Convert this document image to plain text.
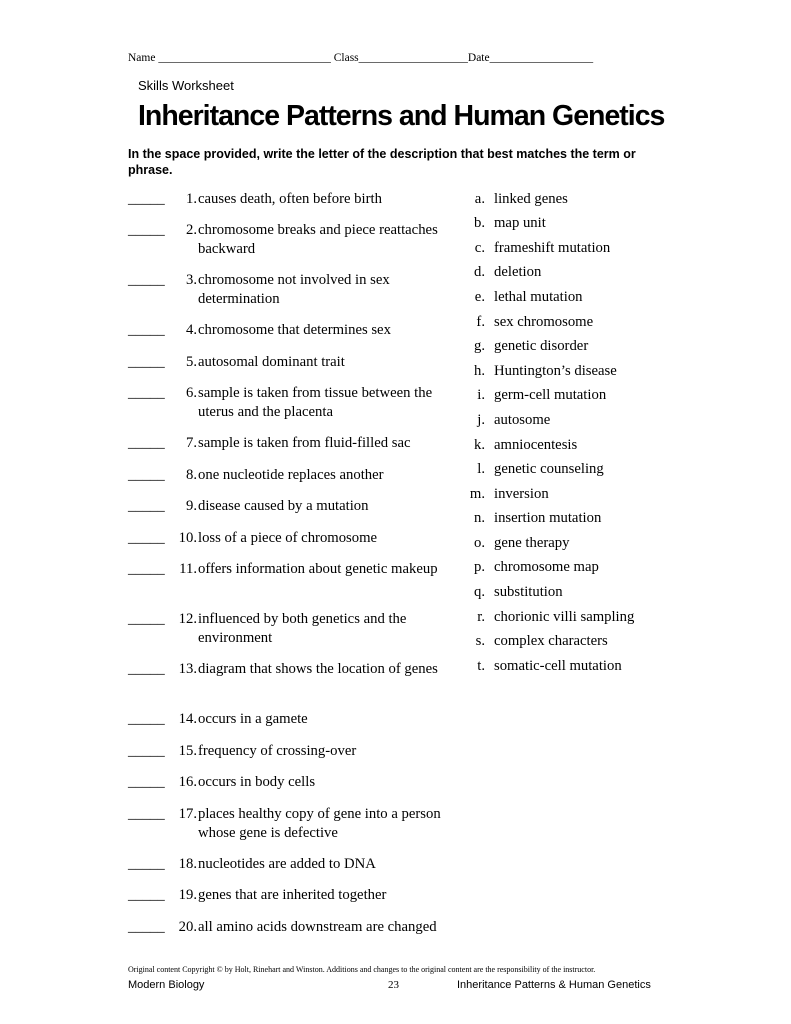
Name ______________________________ Class___________________Date__________________
Skills Worksheet
Inheritance Patterns and Human Genetics
In the space provided, write the letter of the description that best matches the term or phrase.
_____	1. causes death, often before birth
_____	2. chromosome breaks and piece reattaches backward
_____	3. chromosome not involved in sex determination
_____	4. chromosome that determines sex
_____	5. autosomal dominant trait
_____	6. sample is taken from tissue between the uterus and the placenta
_____	7. sample is taken from fluid-filled sac
_____	8. one nucleotide replaces another
_____	9. disease caused by a mutation
_____ 10. loss of a piece of chromosome
_____ 11. offers information about genetic makeup
_____ 12. influenced by both genetics and the environment
_____ 13. diagram that shows the location of genes
_____ 14. occurs in a gamete
_____ 15. frequency of crossing-over
_____ 16. occurs in body cells
_____ 17. places healthy copy of gene into a person whose gene is defective
_____ 18. nucleotides are added to DNA
_____ 19. genes that are inherited together
_____ 20. all amino acids downstream are changed
a. linked genes
b. map unit
c. frameshift mutation
d. deletion
e. lethal mutation
f. sex chromosome
g. genetic disorder
h. Huntington’s disease
i. germ-cell mutation
j. autosome
k. amniocentesis
l. genetic counseling
m. inversion
n. insertion mutation
o. gene therapy
p. chromosome map
q. substitution
r. chorionic villi sampling
s. complex characters
t. somatic-cell mutation
Original content Copyright © by Holt, Rinehart and Winston. Additions and changes to the original content are the responsibility of the instructor.
Modern Biology	23	Inheritance Patterns & Human Genetics
